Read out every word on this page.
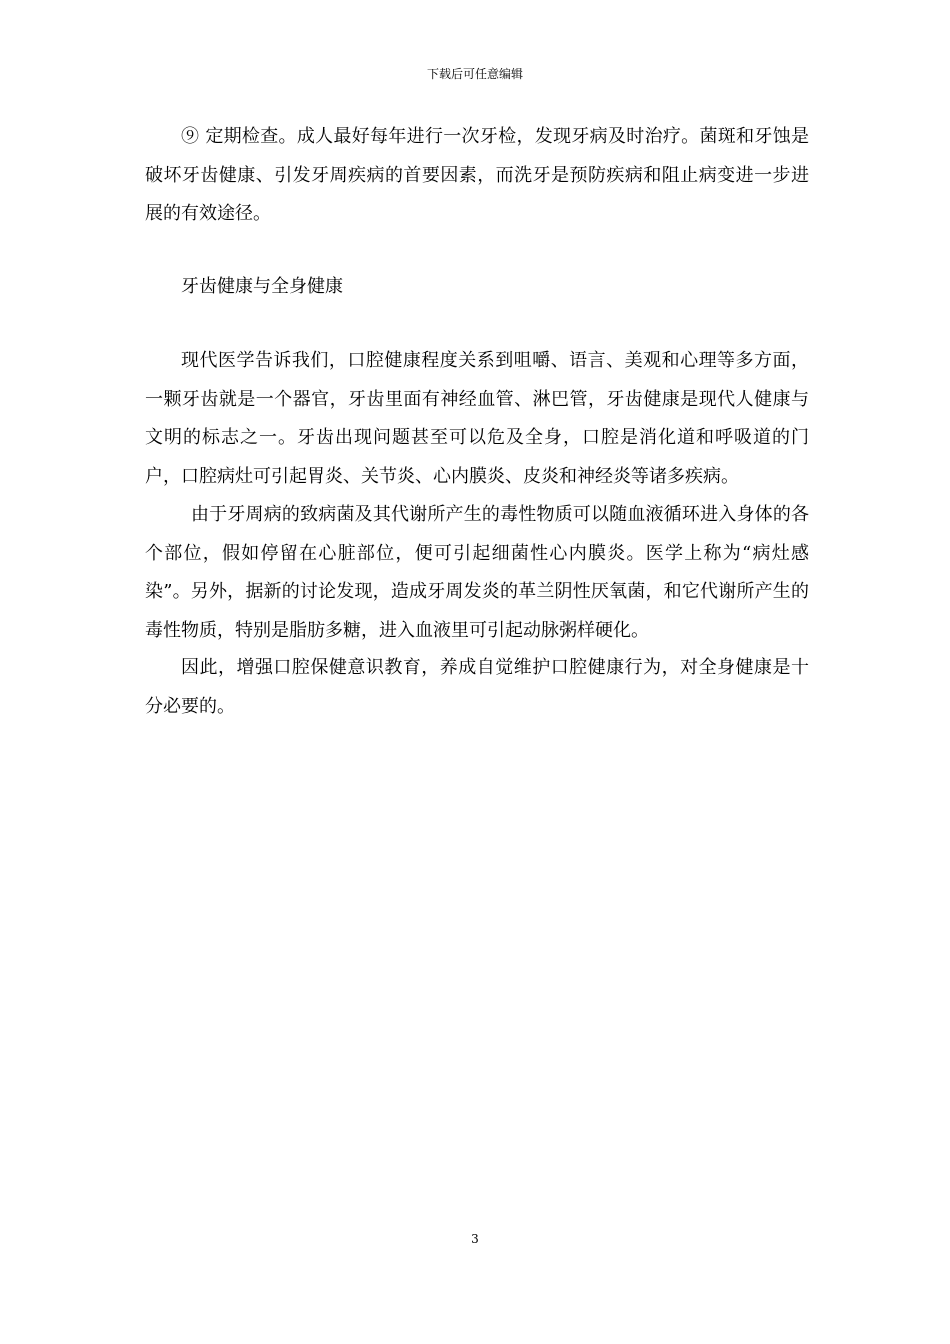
下载后可任意编辑

⑨ 定期检查。成人最好每年进行一次牙检，发现牙病及时治疗。菌斑和牙蚀是破坏牙齿健康、引发牙周疾病的首要因素，而洗牙是预防疾病和阻止病变进一步进展的有效途径。

牙齿健康与全身健康

现代医学告诉我们，口腔健康程度关系到咀嚼、语言、美观和心理等多方面，一颗牙齿就是一个器官，牙齿里面有神经血管、淋巴管，牙齿健康是现代人健康与文明的标志之一。牙齿出现问题甚至可以危及全身，口腔是消化道和呼吸道的门户，口腔病灶可引起胃炎、关节炎、心内膜炎、皮炎和神经炎等诸多疾病。

由于牙周病的致病菌及其代谢所产生的毒性物质可以随血液循环进入身体的各个部位，假如停留在心脏部位，便可引起细菌性心内膜炎。医学上称为“病灶感染”。另外，据新的讨论发现，造成牙周发炎的革兰阴性厌氧菌，和它代谢所产生的毒性物质，特别是脂肪多糖，进入血液里可引起动脉粥样硬化。

因此，增强口腔保健意识教育，养成自觉维护口腔健康行为，对全身健康是十分必要的。

3
